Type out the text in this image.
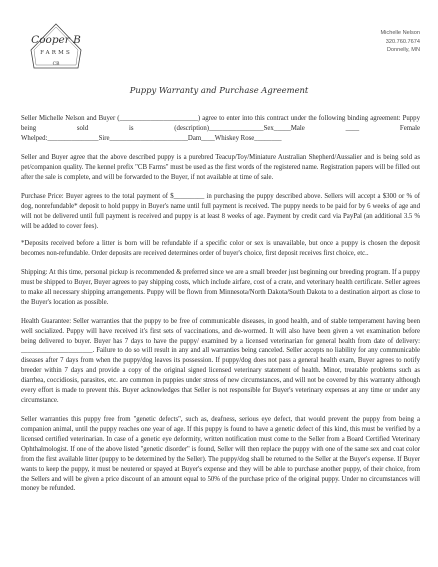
Cooper B
FARMS
CB
Michelle Nelson
320.760.7674
Donnelly, MN
Puppy Warranty and Purchase Agreement

Seller Michelle Nelson and Buyer (_______________________) agree to enter into this contract under the following binding agreement: Puppy being sold is (description)________________Sex_____Male ____ Female Whelped:_______________Sire_______________________Dam____Whiskey Rose________

Seller and Buyer agree that the above described puppy is a purebred Teacup/Toy/Miniature Australian Shepherd/Aussalier and is being sold as pet/companion quality. The kennel prefix "CB Farms" must be used as the first words of the registered name. Registration papers will be filled out after the sale is complete, and will be forwarded to the Buyer, if not available at time of sale.

Purchase Price: Buyer agrees to the total payment of $_________ in purchasing the puppy described above. Sellers will accept a $300 or % of dog, nonrefundable* deposit to hold puppy in Buyer's name until full payment is received. The puppy needs to be paid for by 6 weeks of age and will not be delivered until full payment is received and puppy is at least 8 weeks of age. Payment by credit card via PayPal (an additional 3.5 % will be added to cover fees).

*Deposits received before a litter is born will be refundable if a specific color or sex is unavailable, but once a puppy is chosen the deposit becomes non-refundable. Order deposits are received determines order of buyer's choice, first deposit receives first choice, etc..

Shipping: At this time, personal pickup is recommended & preferred since we are a small breeder just beginning our breeding program. If a puppy must be shipped to Buyer, Buyer agrees to pay shipping costs, which include airfare, cost of a crate, and veterinary health certificate. Seller agrees to make all necessary shipping arrangements. Puppy will be flown from Minnesota/North Dakota/South Dakota to a destination airport as close to the Buyer's location as possible.

Health Guarantee: Seller warranties that the puppy to be free of communicable diseases, in good health, and of stable temperament having been well socialized. Puppy will have received it's first sets of vaccinations, and de-wormed. It will also have been given a vet examination before being delivered to buyer. Buyer has 7 days to have the puppy/ examined by a licensed veterinarian for general health from date of delivery: _____________________. Failure to do so will result in any and all warranties being canceled. Seller accepts no liability for any communicable diseases after 7 days from when the puppy/dog leaves its possession. If puppy/dog does not pass a general health exam, Buyer agrees to notify breeder within 7 days and provide a copy of the original signed licensed veterinary statement of health. Minor, treatable problems such as diarrhea, coccidiosis, parasites, etc. are common in puppies under stress of new circumstances, and will not be covered by this warranty although every effort is made to prevent this. Buyer acknowledges that Seller is not responsible for Buyer's veterinary expenses at any time or under any circumstance.

Seller warranties this puppy free from "genetic defects", such as, deafness, serious eye defect, that would prevent the puppy from being a companion animal, until the puppy reaches one year of age. If this puppy is found to have a genetic defect of this kind, this must be verified by a licensed certified veterinarian. In case of a genetic eye deformity, written notification must come to the Seller from a Board Certified Veterinary Ophthalmologist. If one of the above listed "genetic disorder" is found, Seller will then replace the puppy with one of the same sex and coat color from the first available litter (puppy to be determined by the Seller). The puppy/dog shall be returned to the Seller at the Buyer's expense. If Buyer wants to keep the puppy, it must be neutered or spayed at Buyer's expense and they will be able to purchase another puppy, of their choice, from the Sellers and will be given a price discount of an amount equal to 50% of the purchase price of the original puppy. Under no circumstances will money be refunded.
